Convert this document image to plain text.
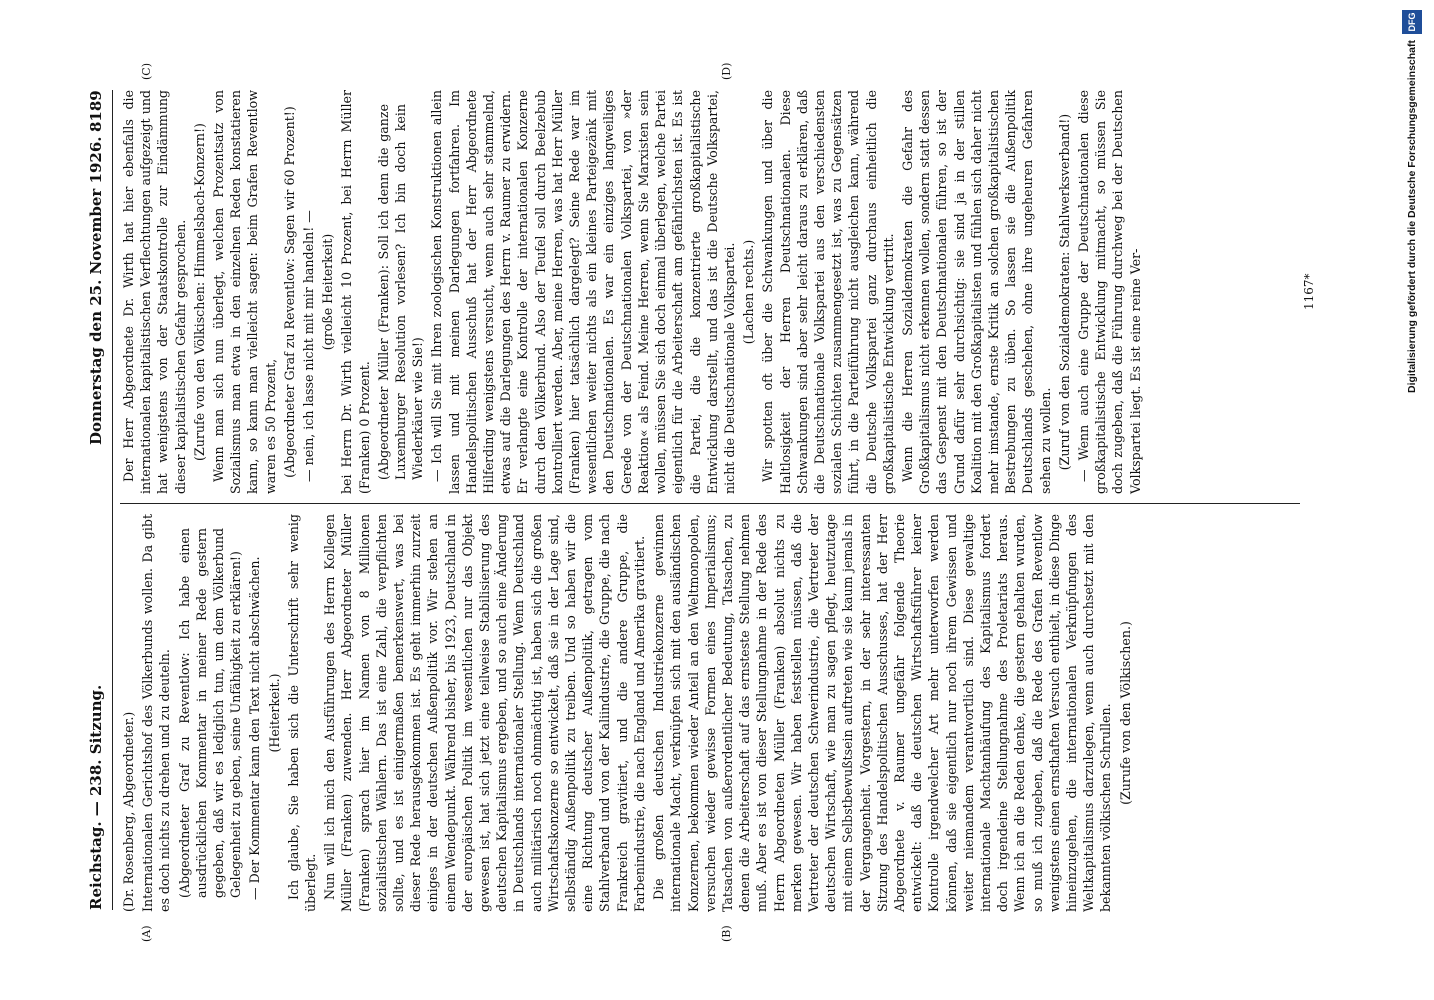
Reichstag. — 238. Sitzung.
Donnerstag den 25. November 1926.
8189
(A)	(B)
(C)	(D)

(Dr. Rosenberg, Abgeordneter.) Internationalen Gerichtshof des Völkerbunds wollen. Da gibt es doch nichts zu drehen und zu deuteln. (Abgeordneter Graf zu Reventlow: Ich habe einen ausdrücklichen Kommentar in meiner Rede gestern gegeben, daß wir es lediglich tun, um dem Völkerbund Gelegenheit zu geben, seine Unfähigkeit zu erklären!) — Der Kommentar kann den Text nicht abschwächen. (Heiterkeit.) Ich glaube, Sie haben sich die Unterschrift sehr wenig überlegt. Nun will ich mich den Ausführungen des Herrn Kollegen Müller (Franken) zuwenden. Herr Abgeordneter Müller (Franken) sprach hier im Namen von 8 Millionen sozialistischen Wählern. Das ist eine Zahl, die verpflichten sollte, und es ist einigermaßen bemerkenswert, was bei dieser Rede herausgekommen ist. Es geht immerhin zurzeit einiges in der deutschen Außenpolitik vor. Wir stehen an einem Wendepunkt. Während bisher, bis 1923, Deutschland in der europäischen Politik im wesentlichen nur das Objekt gewesen ist, hat sich jetzt eine teilweise Stabilisierung des deutschen Kapitalismus ergeben, und so auch eine Änderung in Deutschlands internationaler Stellung. Wenn Deutschland auch militärisch noch ohnmächtig ist, haben sich die großen Wirtschaftskonzerne so entwickelt, daß sie in der Lage sind, selbständig Außenpolitik zu treiben. Und so haben wir die eine Richtung deutscher Außenpolitik, getragen vom Stahlverband und von der Kaliindustrie, die Gruppe, die nach Frankreich gravitiert, und die andere Gruppe, die Farbenindustrie, die nach England und Amerika gravitiert. Die großen deutschen Industriekonzerne gewinnen internationale Macht, verknüpfen sich mit den ausländischen Konzernen, bekommen wieder Anteil an den Weltmonopolen, versuchen wieder gewisse Formen eines Imperialismus; Tatsachen von außerordentlicher Bedeutung, Tatsachen, zu denen die Arbeiterschaft auf das ernsteste Stellung nehmen muß. Aber es ist von dieser Stellungnahme in der Rede des Herrn Abgeordneten Müller (Franken) absolut nichts zu merken gewesen. Wir haben feststellen müssen, daß die Vertreter der deutschen Schwerindustrie, die Vertreter der deutschen Wirtschaft, wie man zu sagen pflegt, heutzutage mit einem Selbstbewußtsein auftreten wie sie kaum jemals in der Vergangenheit. Vorgestern, in der sehr interessanten Sitzung des Handelspolitischen Ausschusses, hat der Herr Abgeordnete v. Raumer ungefähr folgende Theorie entwickelt: daß die deutschen Wirtschaftsführer keiner Kontrolle irgendwelcher Art mehr unterworfen werden können, daß sie eigentlich nur noch ihrem Gewissen und weiter niemandem verantwortlich sind. Diese gewaltige internationale Machtanhäufung des Kapitalismus fordert doch irgendeine Stellungnahme des Proletariats heraus. Wenn ich an die Reden denke, die gestern gehalten wurden, so muß ich zugeben, daß die Rede des Grafen Reventlow wenigstens einen ernsthaften Versuch enthielt, in diese Dinge hineinzugehen, die internationalen Verknüpfungen des Weltkapitalismus darzulegen, wenn auch durchsetzt mit den bekannten völkischen Schrullen. (Zurufe von den Völkischen.)

Der Herr Abgeordnete Dr. Wirth hat hier ebenfalls die internationalen kapitalistischen Verflechtungen aufgezeigt und hat wenigstens von der Staatskontrolle zur Eindämmung dieser kapitalistischen Gefahr gesprochen. (Zurufe von den Völkischen: Himmelsbach-Konzern!) Wenn man sich nun überlegt, welchen Prozentsatz von Sozialismus man etwa in den einzelnen Reden konstatieren kann, so kann man vielleicht sagen: beim Grafen Reventlow waren es 50 Prozent, (Abgeordneter Graf zu Reventlow: Sagen wir 60 Prozent!) — nein, ich lasse nicht mit mir handeln! — (große Heiterkeit) bei Herrn Dr. Wirth vielleicht 10 Prozent, bei Herrn Müller (Franken) 0 Prozent. (Abgeordneter Müller (Franken): Soll ich denn die ganze Luxemburger Resolution vorlesen? Ich bin doch kein Wiederkäuer wie Sie!) — Ich will Sie mit Ihren zoologischen Konstruktionen allein lassen und mit meinen Darlegungen fortfahren. Im Handelspolitischen Ausschuß hat der Herr Abgeordnete Hilferding wenigstens versucht, wenn auch sehr stammelnd, etwas auf die Darlegungen des Herrn v. Raumer zu erwidern. Er verlangte eine Kontrolle der internationalen Konzerne durch den Völkerbund. Also der Teufel soll durch Beelzebub kontrolliert werden. Aber, meine Herren, was hat Herr Müller (Franken) hier tatsächlich dargelegt? Seine Rede war im wesentlichen weiter nichts als ein kleines Parteigezänk mit den Deutschnationalen. Es war ein einziges langweiliges Gerede von der Deutschnationalen Volkspartei, von »der Reaktion« als Feind. Meine Herren, wenn Sie Marxisten sein wollen, müssen Sie sich doch einmal überlegen, welche Partei eigentlich für die Arbeiterschaft am gefährlichsten ist. Es ist die Partei, die die konzentrierte großkapitalistische Entwicklung darstellt, und das ist die Deutsche Volkspartei, nicht die Deutschnationale Volkspartei. (Lachen rechts.) Wir spotten oft über die Schwankungen und über die Haltlosigkeit der Herren Deutschnationalen. Diese Schwankungen sind aber sehr leicht daraus zu erklären, daß die Deutschnationale Volkspartei aus den verschiedensten sozialen Schichten zusammengesetzt ist, was zu Gegensätzen führt, in die Parteiführung nicht ausgleichen kann, während die Deutsche Volkspartei ganz durchaus einheitlich die großkapitalistische Entwicklung vertritt. Wenn die Herren Sozialdemokraten die Gefahr des Großkapitalismus nicht erkennen wollen, sondern statt dessen das Gespenst mit den Deutschnationalen führen, so ist der Grund dafür sehr durchsichtig: sie sind ja in der stillen Koalition mit den Großkapitalisten und fühlen sich daher nicht mehr imstande, ernste Kritik an solchen großkapitalistischen Bestrebungen zu üben. So lassen sie die Außenpolitik Deutschlands geschehen, ohne ihre ungeheuren Gefahren sehen zu wollen. (Zuruf von den Sozialdemokraten: Stahlwerksverband!) — Wenn auch eine Gruppe der Deutschnationalen diese großkapitalistische Entwicklung mitmacht, so müssen Sie doch zugeben, daß die Führung durchweg bei der Deutschen Volkspartei liegt. Es ist eine reine Ver-	1167*	Digitalisierung gefördert durch die Deutsche Forschungsgemeinschaft
DFG
